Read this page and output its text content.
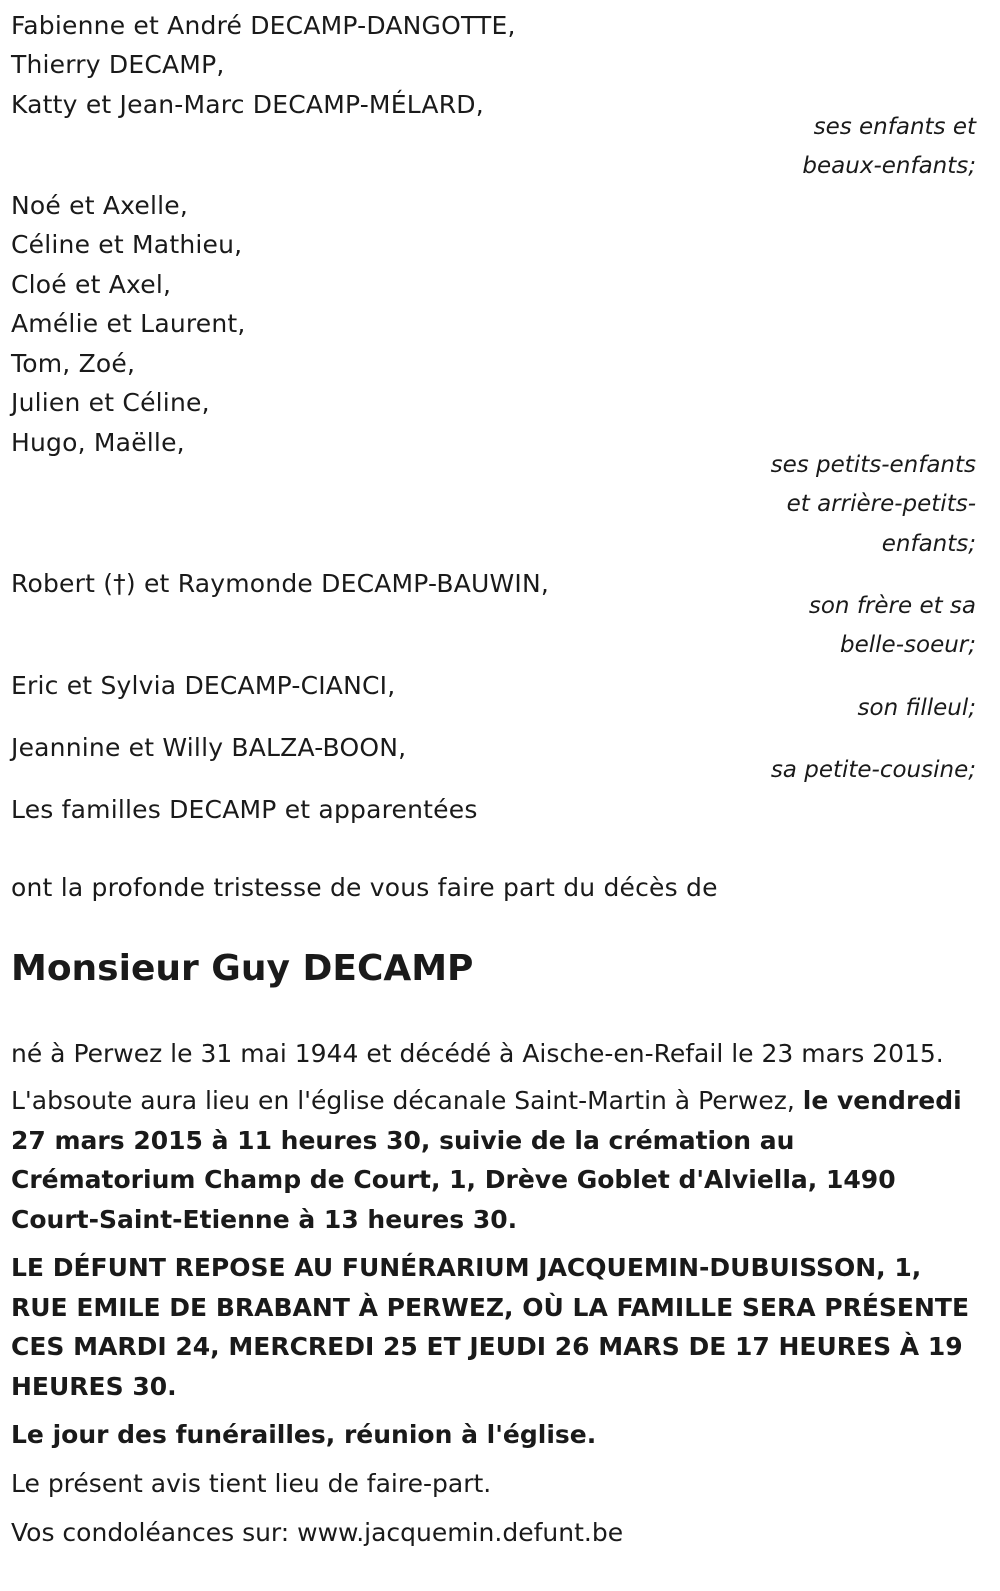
Fabienne et André DECAMP-DANGOTTE,
Thierry DECAMP,
Katty et Jean-Marc DECAMP-MÉLARD,
ses enfants et
beaux-enfants;
Noé et Axelle,
Céline et Mathieu,
Cloé et Axel,
Amélie et Laurent,
Tom, Zoé,
Julien et Céline,
Hugo, Maëlle,
ses petits-enfants
et arrière-petits-
enfants;
Robert (†) et Raymonde DECAMP-BAUWIN,
son frère et sa
belle-soeur;
Eric et Sylvia DECAMP-CIANCI,
son filleul;
Jeannine et Willy BALZA-BOON,
sa petite-cousine;
Les familles DECAMP et apparentées
ont la profonde tristesse de vous faire part du décès de
Monsieur Guy DECAMP
né à Perwez le 31 mai 1944 et décédé à Aische-en-Refail le 23 mars 2015.
L'absoute aura lieu en l'église décanale Saint-Martin à Perwez, le vendredi 27 mars 2015 à 11 heures 30, suivie de la crémation au Crématorium Champ de Court, 1, Drève Goblet d'Alviella, 1490 Court-Saint-Etienne à 13 heures 30.
LE DÉFUNT REPOSE AU FUNÉRARIUM JACQUEMIN-DUBUISSON, 1, RUE EMILE DE BRABANT À PERWEZ, OÙ LA FAMILLE SERA PRÉSENTE CES MARDI 24, MERCREDI 25 ET JEUDI 26 MARS DE 17 HEURES À 19 HEURES 30.
Le jour des funérailles, réunion à l'église.
Le présent avis tient lieu de faire-part.
Vos condoléances sur: www.jacquemin.defunt.be
